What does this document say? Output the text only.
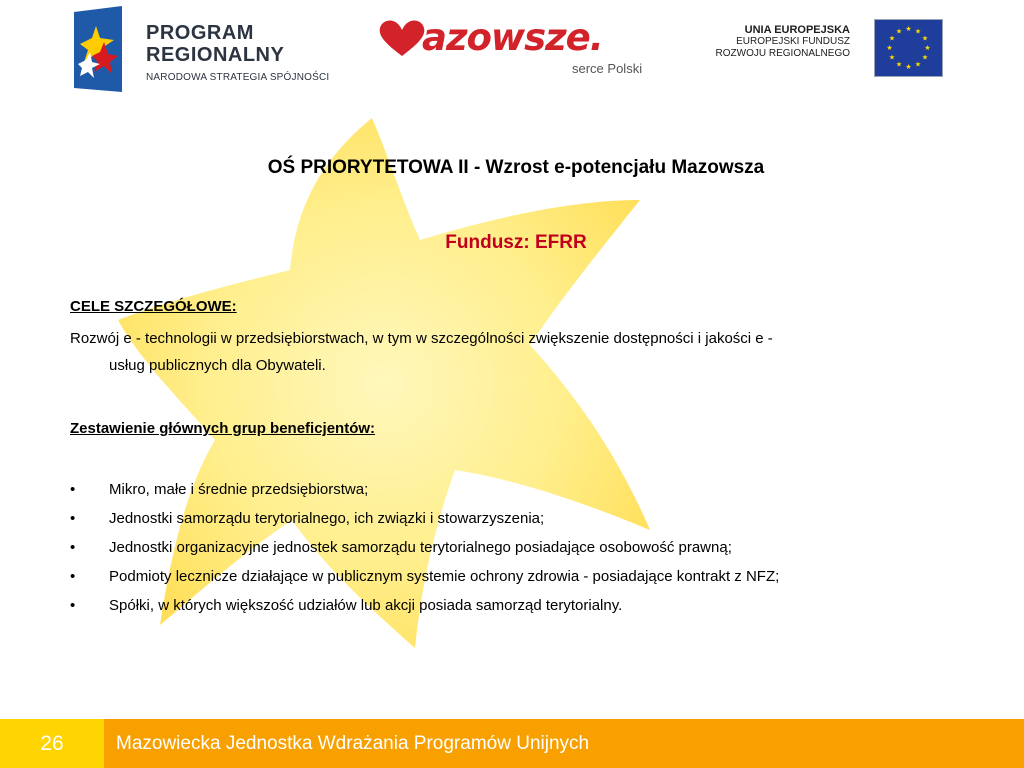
PROGRAM
REGIONALNY
NARODOWA STRATEGIA SPÓJNOŚCI
azowsze.
serce Polski
UNIA EUROPEJSKA
EUROPEJSKI FUNDUSZ
ROZWOJU REGIONALNEGO
★ ★
★
★
★
★
★
★
★
★
★
★
OŚ PRIORYTETOWA II - Wzrost e-potencjału Mazowsza
Fundusz: EFRR
CELE SZCZEGÓŁOWE:
Rozwój e - technologii w przedsiębiorstwach, w tym w szczególności zwiększenie dostępności i jakości e -
usług publicznych dla Obywateli.
Zestawienie głównych grup beneficjentów:
• Mikro, małe i średnie przedsiębiorstwa;
• Jednostki samorządu terytorialnego, ich związki i stowarzyszenia;
• Jednostki organizacyjne jednostek samorządu terytorialnego posiadające osobowość prawną;
• Podmioty lecznicze działające w publicznym systemie ochrony zdrowia - posiadające kontrakt z NFZ;
• Spółki, w których większość udziałów lub akcji posiada samorząd terytorialny.
26	Mazowiecka Jednostka Wdrażania Programów Unijnych
